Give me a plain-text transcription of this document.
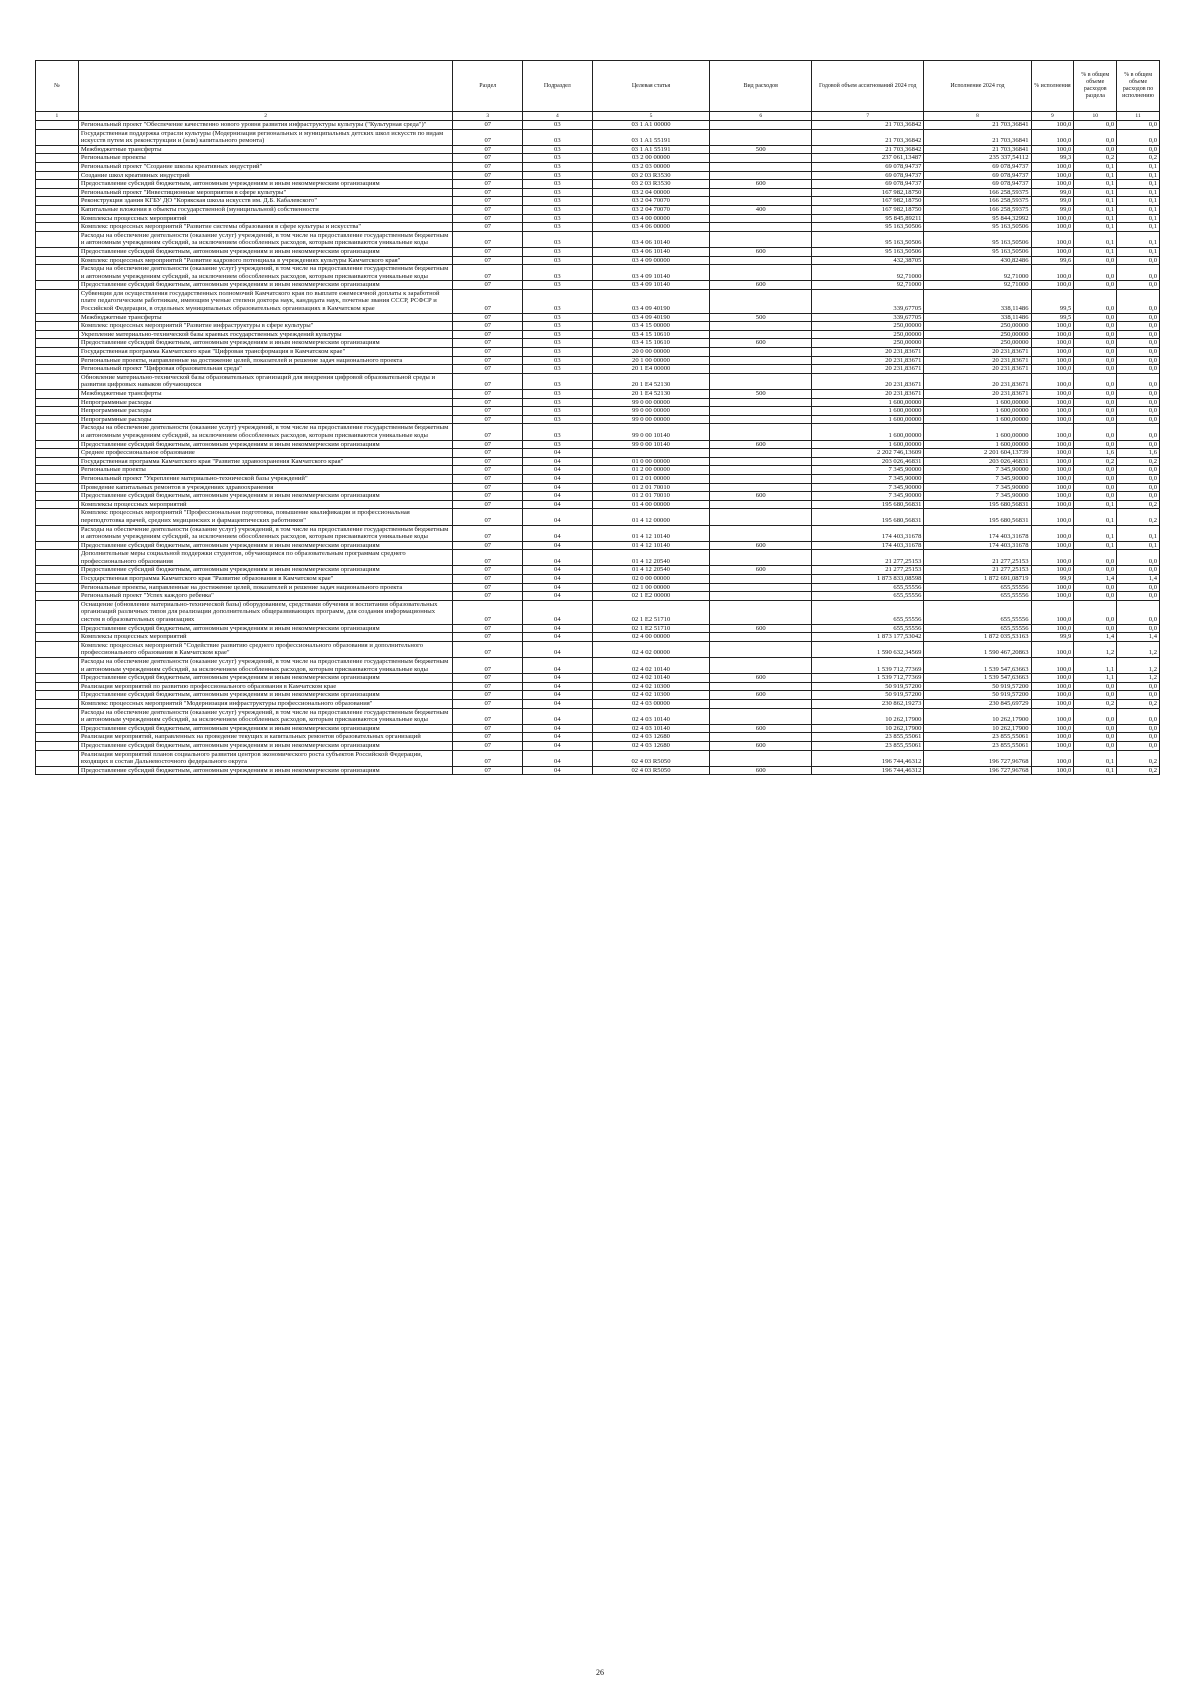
№		Раздел	Подраздел	Целевая статья	Вид расходов	Годовой объем ассигнований 2024 год	Исполнение 2024 год	% исполнения	% в общем объеме расходов раздела	% в общем объеме расходов по исполнению
1	2	3	4	5	6	7	8	9	10	11
	Региональный проект "Обеспечение качественно нового уровня развития инфраструктуры культуры ("Культурная среда")"	07	03	03 1 A1 00000		21 703,36842	21 703,36841	100,0	0,0	0,0
	Государственная поддержка отрасли культуры (Модернизация региональных и муниципальных детских школ искусств по видам искусств путем их реконструкции и (или) капитального ремонта)	07	03	03 1 A1 55191		21 703,36842	21 703,36841	100,0	0,0	0,0
	Межбюджетные трансферты	07	03	03 1 A1 55191	500	21 703,36842	21 703,36841	100,0	0,0	0,0
	Региональные проекты	07	03	03 2 00 00000		237 061,13487	235 337,54112	99,3	0,2	0,2
	Региональный проект "Создание школы креативных индустрий"	07	03	03 2 03 00000		69 078,94737	69 078,94737	100,0	0,1	0,1
	Создание школ креативных индустрий	07	03	03 2 03 R3530		69 078,94737	69 078,94737	100,0	0,1	0,1
	Предоставление субсидий бюджетным, автономным учреждениям и иным некоммерческим организациям	07	03	03 2 03 R3530	600	69 078,94737	69 078,94737	100,0	0,1	0,1
	Региональный проект "Инвестиционные мероприятия в сфере культуры"	07	03	03 2 04 00000		167 982,18750	166 258,59375	99,0	0,1	0,1
	Реконструкция здания КГБУ ДО "Корякская школа искусств им. Д.Б. Кабалевского"	07	03	03 2 04 70070		167 982,18750	166 258,59375	99,0	0,1	0,1
	Капитальные вложения в объекты государственной (муниципальной) собственности	07	03	03 2 04 70070	400	167 982,18750	166 258,59375	99,0	0,1	0,1
	Комплексы процессных мероприятий	07	03	03 4 00 00000		95 845,89211	95 844,32992	100,0	0,1	0,1
	Комплекс процессных мероприятий "Развитие системы образования в сфере культуры и искусства"	07	03	03 4 06 00000		95 163,50506	95 163,50506	100,0	0,1	0,1
	Расходы на обеспечение деятельности (оказание услуг) учреждений, в том числе на предоставление государственным бюджетным и автономным учреждениям субсидий, за исключением обособленных расходов, которым присваиваются уникальные коды	07	03	03 4 06 10140		95 163,50506	95 163,50506	100,0	0,1	0,1
	Предоставление субсидий бюджетным, автономным учреждениям и иным некоммерческим организациям	07	03	03 4 06 10140	600	95 163,50506	95 163,50506	100,0	0,1	0,1
	Комплекс процессных мероприятий "Развитие кадрового потенциала в учреждениях культуры Камчатского края"	07	03	03 4 09 00000		432,38705	430,82486	99,6	0,0	0,0
	Расходы на обеспечение деятельности (оказание услуг) учреждений, в том числе на предоставление государственным бюджетным и автономным учреждениям субсидий, за исключением обособленных расходов, которым присваиваются уникальные коды	07	03	03 4 09 10140		92,71000	92,71000	100,0	0,0	0,0
	Предоставление субсидий бюджетным, автономным учреждениям и иным некоммерческим организациям	07	03	03 4 09 10140	600	92,71000	92,71000	100,0	0,0	0,0
	Субвенции для осуществления государственных полномочий Камчатского края по выплате ежемесячной доплаты к заработной плате педагогическим работникам, имеющим ученые степени доктора наук, кандидата наук, почетные звания СССР, РСФСР и Российской Федерации, в отдельных муниципальных образовательных организациях в Камчатском крае	07	03	03 4 09 40190		339,67705	338,11486	99,5	0,0	0,0
	Межбюджетные трансферты	07	03	03 4 09 40190	500	339,67705	338,11486	99,5	0,0	0,0
	Комплекс процессных мероприятий "Развитие инфраструктуры в сфере культуры"	07	03	03 4 15 00000		250,00000	250,00000	100,0	0,0	0,0
	Укрепление материально-технической базы краевых государственных учреждений культуры	07	03	03 4 15 10610		250,00000	250,00000	100,0	0,0	0,0
	Предоставление субсидий бюджетным, автономным учреждениям и иным некоммерческим организациям	07	03	03 4 15 10610	600	250,00000	250,00000	100,0	0,0	0,0
	Государственная программа Камчатского края "Цифровая трансформация в Камчатском крае"	07	03	20 0 00 00000		20 231,83671	20 231,83671	100,0	0,0	0,0
	Региональные проекты, направленные на достижение целей, показателей и решение задач национального проекта	07	03	20 1 00 00000		20 231,83671	20 231,83671	100,0	0,0	0,0
	Региональный проект "Цифровая образовательная среда"	07	03	20 1 E4 00000		20 231,83671	20 231,83671	100,0	0,0	0,0
	Обновление материально-технической базы образовательных организаций для внедрения цифровой образовательной среды и развития цифровых навыков обучающихся	07	03	20 1 E4 52130		20 231,83671	20 231,83671	100,0	0,0	0,0
	Межбюджетные трансферты	07	03	20 1 E4 52130	500	20 231,83671	20 231,83671	100,0	0,0	0,0
	Непрограммные расходы	07	03	99 0 00 00000		1 600,00000	1 600,00000	100,0	0,0	0,0
	Непрограммные расходы	07	03	99 0 00 00000		1 600,00000	1 600,00000	100,0	0,0	0,0
	Непрограммные расходы	07	03	99 0 00 00000		1 600,00000	1 600,00000	100,0	0,0	0,0
	Расходы на обеспечение деятельности (оказание услуг) учреждений, в том числе на предоставление государственным бюджетным и автономным учреждениям субсидий, за исключением обособленных расходов, которым присваиваются уникальные коды	07	03	99 0 00 10140		1 600,00000	1 600,00000	100,0	0,0	0,0
	Предоставление субсидий бюджетным, автономным учреждениям и иным некоммерческим организациям	07	03	99 0 00 10140	600	1 600,00000	1 600,00000	100,0	0,0	0,0
	Среднее профессиональное образование	07	04			2 202 746,13609	2 201 604,13739	100,0	1,6	1,6
	Государственная программа Камчатского края "Развитие здравоохранения Камчатского края"	07	04	01 0 00 00000		203 026,46831	203 026,46831	100,0	0,2	0,2
	Региональные проекты	07	04	01 2 00 00000		7 345,90000	7 345,90000	100,0	0,0	0,0
	Региональный проект "Укрепление материально-технической базы учреждений"	07	04	01 2 01 00000		7 345,90000	7 345,90000	100,0	0,0	0,0
	Проведение капитальных ремонтов в учреждениях здравоохранения	07	04	01 2 01 70010		7 345,90000	7 345,90000	100,0	0,0	0,0
	Предоставление субсидий бюджетным, автономным учреждениям и иным некоммерческим организациям	07	04	01 2 01 70010	600	7 345,90000	7 345,90000	100,0	0,0	0,0
	Комплексы процессных мероприятий	07	04	01 4 00 00000		195 680,56831	195 680,56831	100,0	0,1	0,2
	Комплекс процессных мероприятий "Профессиональная подготовка, повышение квалификации и профессиональная переподготовка врачей, средних медицинских и фармацевтических работников"	07	04	01 4 12 00000		195 680,56831	195 680,56831	100,0	0,1	0,2
	Расходы на обеспечение деятельности (оказание услуг) учреждений, в том числе на предоставление государственным бюджетным и автономным учреждениям субсидий, за исключением обособленных расходов, которым присваиваются уникальные коды	07	04	01 4 12 10140		174 403,31678	174 403,31678	100,0	0,1	0,1
	Предоставление субсидий бюджетным, автономным учреждениям и иным некоммерческим организациям	07	04	01 4 12 10140	600	174 403,31678	174 403,31678	100,0	0,1	0,1
	Дополнительные меры социальной поддержки студентов, обучающимся по образовательным программам среднего профессионального образования	07	04	01 4 12 20540		21 277,25153	21 277,25153	100,0	0,0	0,0
	Предоставление субсидий бюджетным, автономным учреждениям и иным некоммерческим организациям	07	04	01 4 12 20540	600	21 277,25153	21 277,25153	100,0	0,0	0,0
	Государственная программа Камчатского края "Развитие образования в Камчатском крае"	07	04	02 0 00 00000		1 873 833,08598	1 872 691,08719	99,9	1,4	1,4
	Региональные проекты, направленные на достижение целей, показателей и решение задач национального проекта	07	04	02 1 00 00000		655,55556	655,55556	100,0	0,0	0,0
	Региональный проект "Успех каждого ребенка"	07	04	02 1 E2 00000		655,55556	655,55556	100,0	0,0	0,0
	Оснащение (обновление материально-технической базы) оборудованием, средствами обучения и воспитания образовательных организаций различных типов для реализации дополнительных общеразвивающих программ, для создания информационных систем в образовательных организациях	07	04	02 1 E2 51710		655,55556	655,55556	100,0	0,0	0,0
	Предоставление субсидий бюджетным, автономным учреждениям и иным некоммерческим организациям	07	04	02 1 E2 51710	600	655,55556	655,55556	100,0	0,0	0,0
	Комплексы процессных мероприятий	07	04	02 4 00 00000		1 873 177,53042	1 872 035,53163	99,9	1,4	1,4
	Комплекс процессных мероприятий "Содействие развитию среднего профессионального образования и дополнительного профессионального образования в Камчатском крае"	07	04	02 4 02 00000		1 590 632,34569	1 590 467,20863	100,0	1,2	1,2
	Расходы на обеспечение деятельности (оказание услуг) учреждений, в том числе на предоставление государственным бюджетным и автономным учреждениям субсидий, за исключением обособленных расходов, которым присваиваются уникальные коды	07	04	02 4 02 10140		1 539 712,77369	1 539 547,63663	100,0	1,1	1,2
	Предоставление субсидий бюджетным, автономным учреждениям и иным некоммерческим организациям	07	04	02 4 02 10140	600	1 539 712,77369	1 539 547,63663	100,0	1,1	1,2
	Реализация мероприятий по развитию профессионального образования в Камчатском крае	07	04	02 4 02 10300		50 919,57200	50 919,57200	100,0	0,0	0,0
	Предоставление субсидий бюджетным, автономным учреждениям и иным некоммерческим организациям	07	04	02 4 02 10300	600	50 919,57200	50 919,57200	100,0	0,0	0,0
	Комплекс процессных мероприятий "Модернизация инфраструктуры профессионального образования"	07	04	02 4 03 00000		230 862,19273	230 845,69729	100,0	0,2	0,2
	Расходы на обеспечение деятельности (оказание услуг) учреждений, в том числе на предоставление государственным бюджетным и автономным учреждениям субсидий, за исключением обособленных расходов, которым присваиваются уникальные коды	07	04	02 4 03 10140		10 262,17900	10 262,17900	100,0	0,0	0,0
	Предоставление субсидий бюджетным, автономным учреждениям и иным некоммерческим организациям	07	04	02 4 03 10140	600	10 262,17900	10 262,17900	100,0	0,0	0,0
	Реализация мероприятий, направленных на проведение текущих и капитальных ремонтов образовательных организаций	07	04	02 4 03 12680		23 855,55061	23 855,55061	100,0	0,0	0,0
	Предоставление субсидий бюджетным, автономным учреждениям и иным некоммерческим организациям	07	04	02 4 03 12680	600	23 855,55061	23 855,55061	100,0	0,0	0,0
	Реализация мероприятий планов социального развития центров экономического роста субъектов Российской Федерации, входящих в состав Дальневосточного федерального округа	07	04	02 4 03 R5050		196 744,46312	196 727,96768	100,0	0,1	0,2
	Предоставление субсидий бюджетным, автономным учреждениям и иным некоммерческим организациям	07	04	02 4 03 R5050	600	196 744,46312	196 727,96768	100,0	0,1	0,2
26
